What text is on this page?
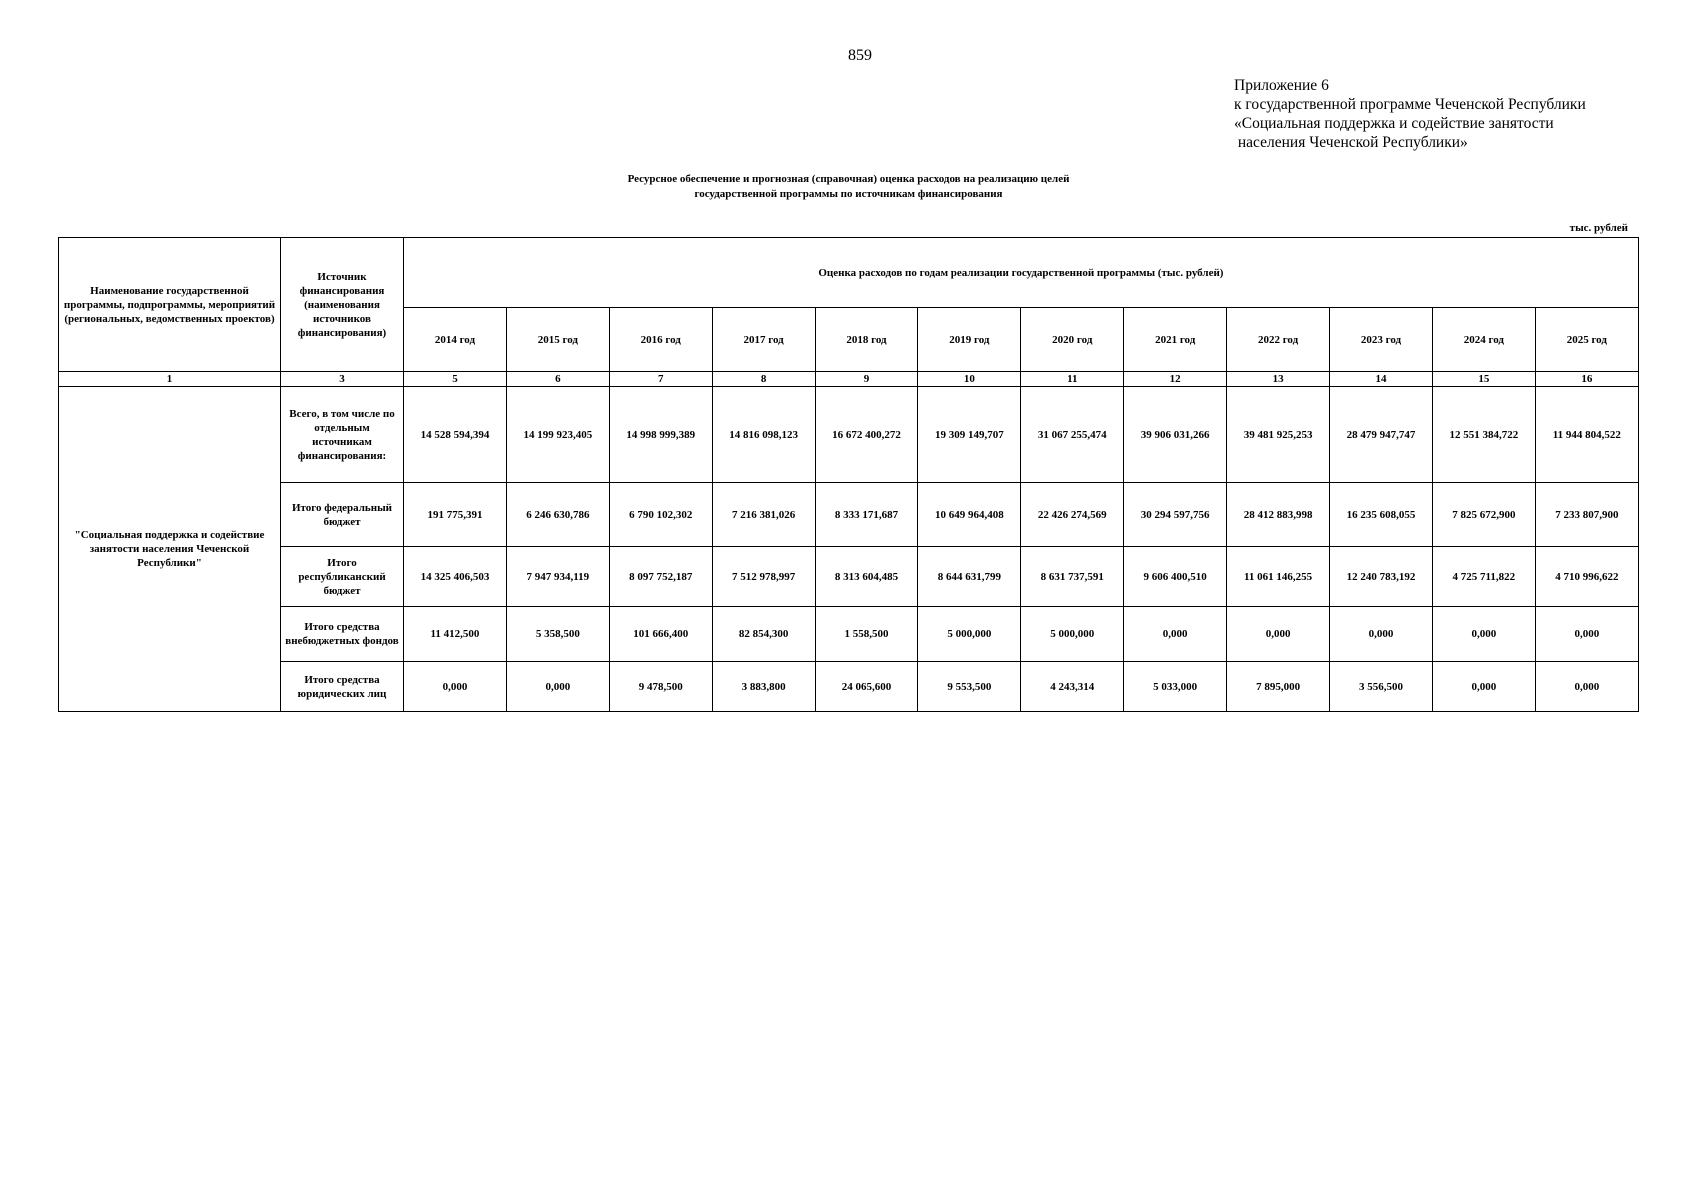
859
Приложение 6
к государственной программе Чеченской Республики
«Социальная поддержка и содействие занятости
населения Чеченской Республики»
Ресурсное обеспечение и прогнозная (справочная) оценка расходов на реализацию целей
государственной программы по источникам финансирования
тыс. рублей
Наименование государственной программы, подпрограммы, мероприятий (региональных, ведомственных проектов)	Источник финансирования (наименования источников финансирования)	Оценка расходов по годам реализации государственной программы (тыс. рублей)											
		2014 год	2015 год	2016 год	2017 год	2018 год	2019 год	2020 год	2021 год	2022 год	2023 год	2024 год	2025 год
1	3	5	6	7	8	9	10	11	12	13	14	15	16
"Социальная поддержка и содействие занятости населения Чеченской Республики"	Всего, в том числе по отдельным источникам финансирования:	14 528 594,394	14 199 923,405	14 998 999,389	14 816 098,123	16 672 400,272	19 309 149,707	31 067 255,474	39 906 031,266	39 481 925,253	28 479 947,747	12 551 384,722	11 944 804,522
	Итого федеральный бюджет	191 775,391	6 246 630,786	6 790 102,302	7 216 381,026	8 333 171,687	10 649 964,408	22 426 274,569	30 294 597,756	28 412 883,998	16 235 608,055	7 825 672,900	7 233 807,900
	Итого республиканский бюджет	14 325 406,503	7 947 934,119	8 097 752,187	7 512 978,997	8 313 604,485	8 644 631,799	8 631 737,591	9 606 400,510	11 061 146,255	12 240 783,192	4 725 711,822	4 710 996,622
	Итого средства внебюджетных фондов	11 412,500	5 358,500	101 666,400	82 854,300	1 558,500	5 000,000	5 000,000	0,000	0,000	0,000	0,000	0,000
	Итого средства юридических лиц	0,000	0,000	9 478,500	3 883,800	24 065,600	9 553,500	4 243,314	5 033,000	7 895,000	3 556,500	0,000	0,000
